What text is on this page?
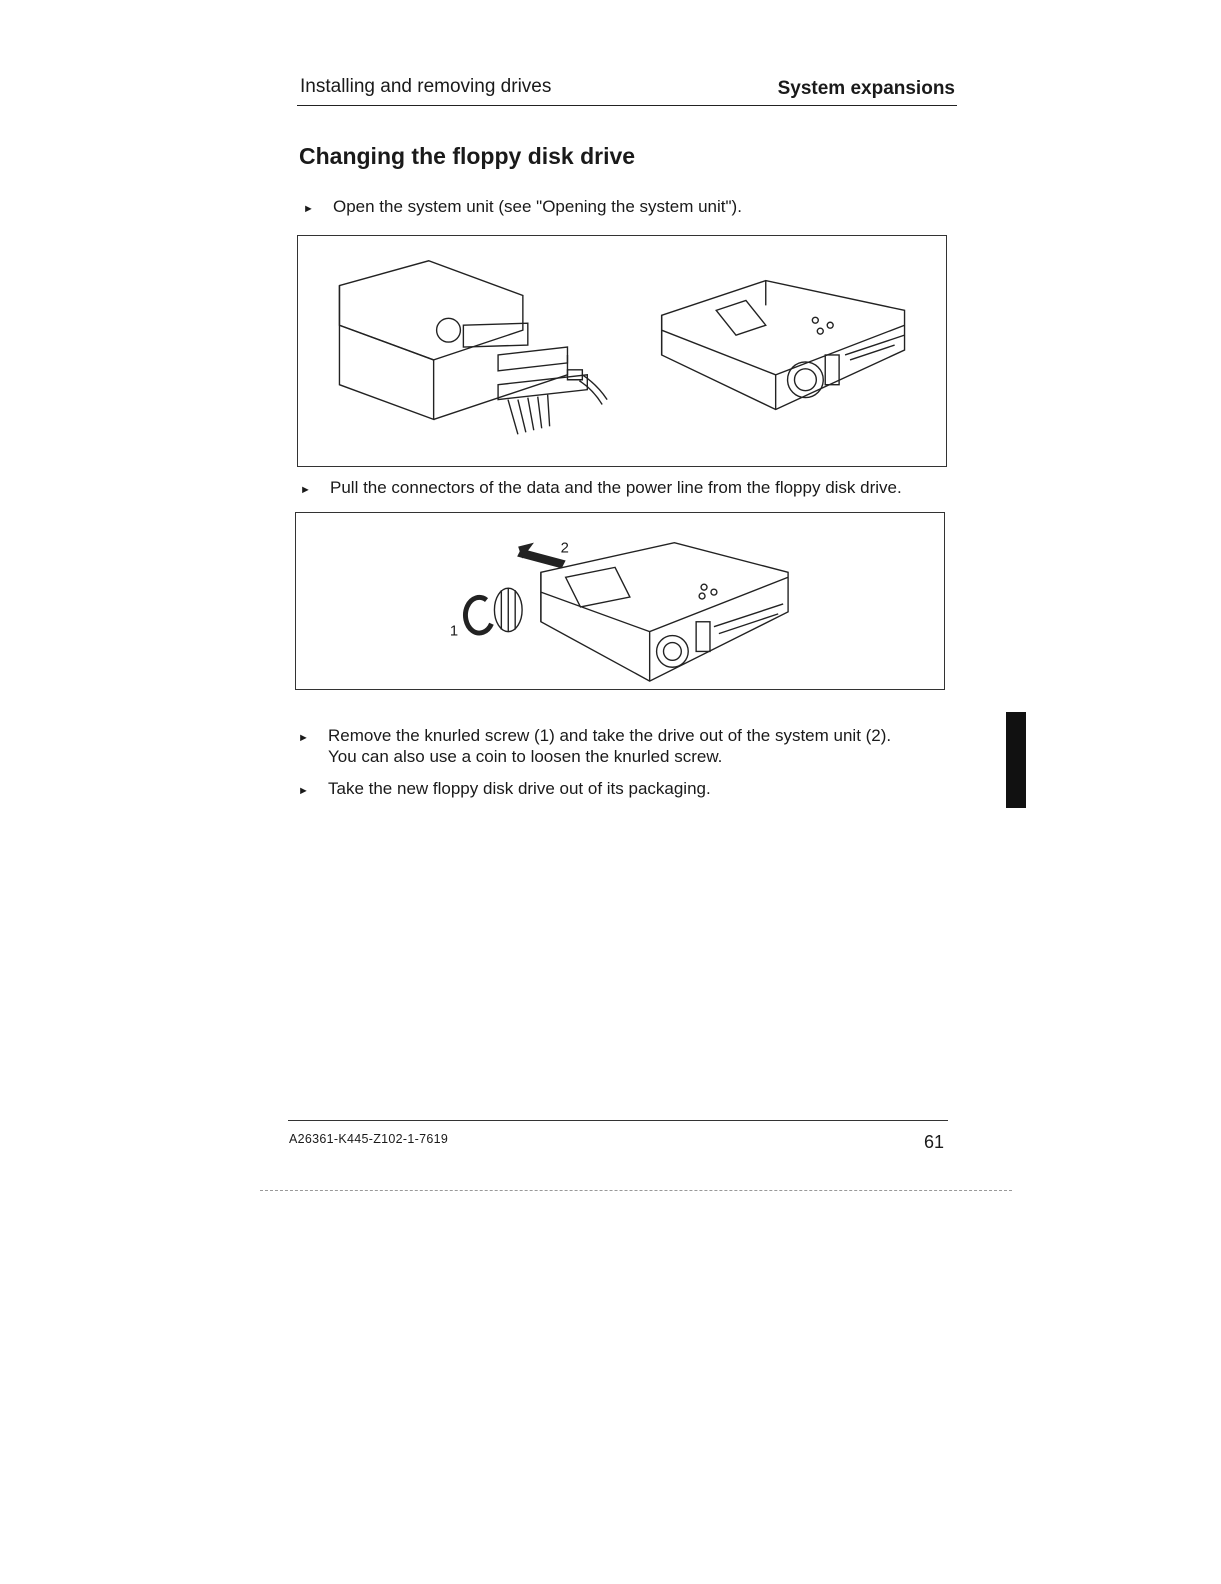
Installing and removing drives	System expansions
Changing the floppy disk drive
► Open the system unit (see "Opening the system unit").
► Pull the connectors of the data and the power line from the floppy disk drive.
2
1
► Remove the knurled screw (1) and take the drive out of the system unit (2).
You can also use a coin to loosen the knurled screw.
► Take the new floppy disk drive out of its packaging.
A26361-K445-Z102-1-7619	61
